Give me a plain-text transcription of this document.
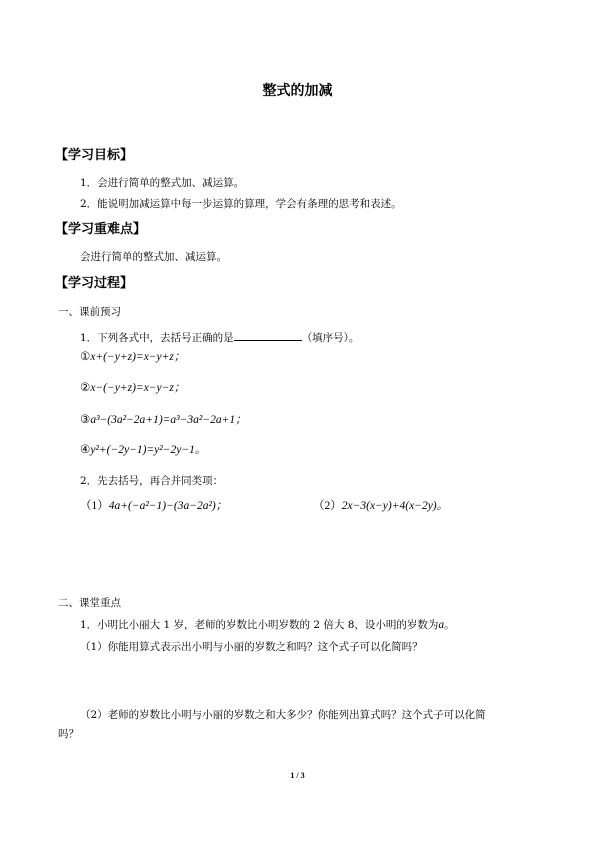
整式的加减
【学习目标】
1．会进行简单的整式加、减运算。
2．能说明加减运算中每一步运算的算理，学会有条理的思考和表述。
【学习重难点】
会进行简单的整式加、减运算。
【学习过程】
一、课前预习
1．下列各式中，去括号正确的是	（填序号）。
①x+(−y+z)=x−y+z；
②x−(−y+z)=x−y−z；
③a³−(3a²−2a+1)=a³−3a²−2a+1；
④y²+(−2y−1)=y²−2y−1。
2．先去括号，再合并同类项：
（1）4a+(−a²−1)−(3a−2a²)；	（2）2x−3(x−y)+4(x−2y)。
二、课堂重点
1．小明比小丽大 1 岁，老师的岁数比小明岁数的 2 倍大 8，设小明的岁数为a。
（1）你能用算式表示出小明与小丽的岁数之和吗？这个式子可以化简吗？
（2）老师的岁数比小明与小丽的岁数之和大多少？你能列出算式吗？这个式子可以化简
吗？
1 / 3
